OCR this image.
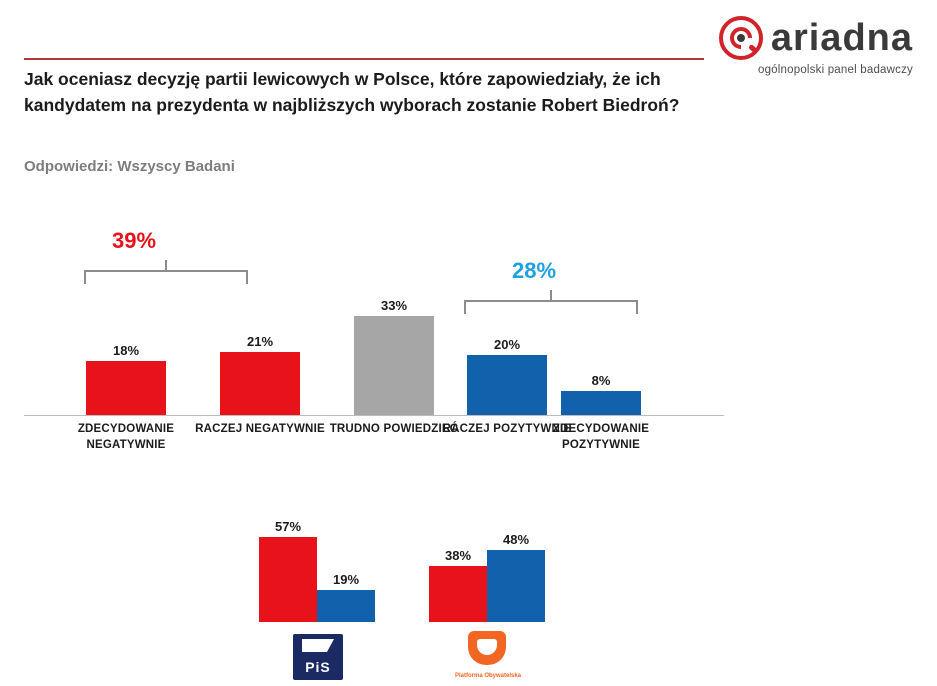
ariadna
ogólnopolski panel badawczy
Jak oceniasz decyzję partii lewicowych w Polsce, które zapowiedziały, że ich kandydatem na prezydenta w najbliższych wyborach zostanie Robert Biedroń?
Odpowiedzi: Wszyscy Badani
39%
28%
18%
21%
33%
20%
8%
ZDECYDOWANIE NEGATYWNIE
RACZEJ NEGATYWNIE TRUDNO POWIEDZIEĆ
RACZEJ POZYTYWNIE
ZDECYDOWANIE POZYTYWNIE
57%
19%
38%
48%
PiS
Platforma Obywatelska
